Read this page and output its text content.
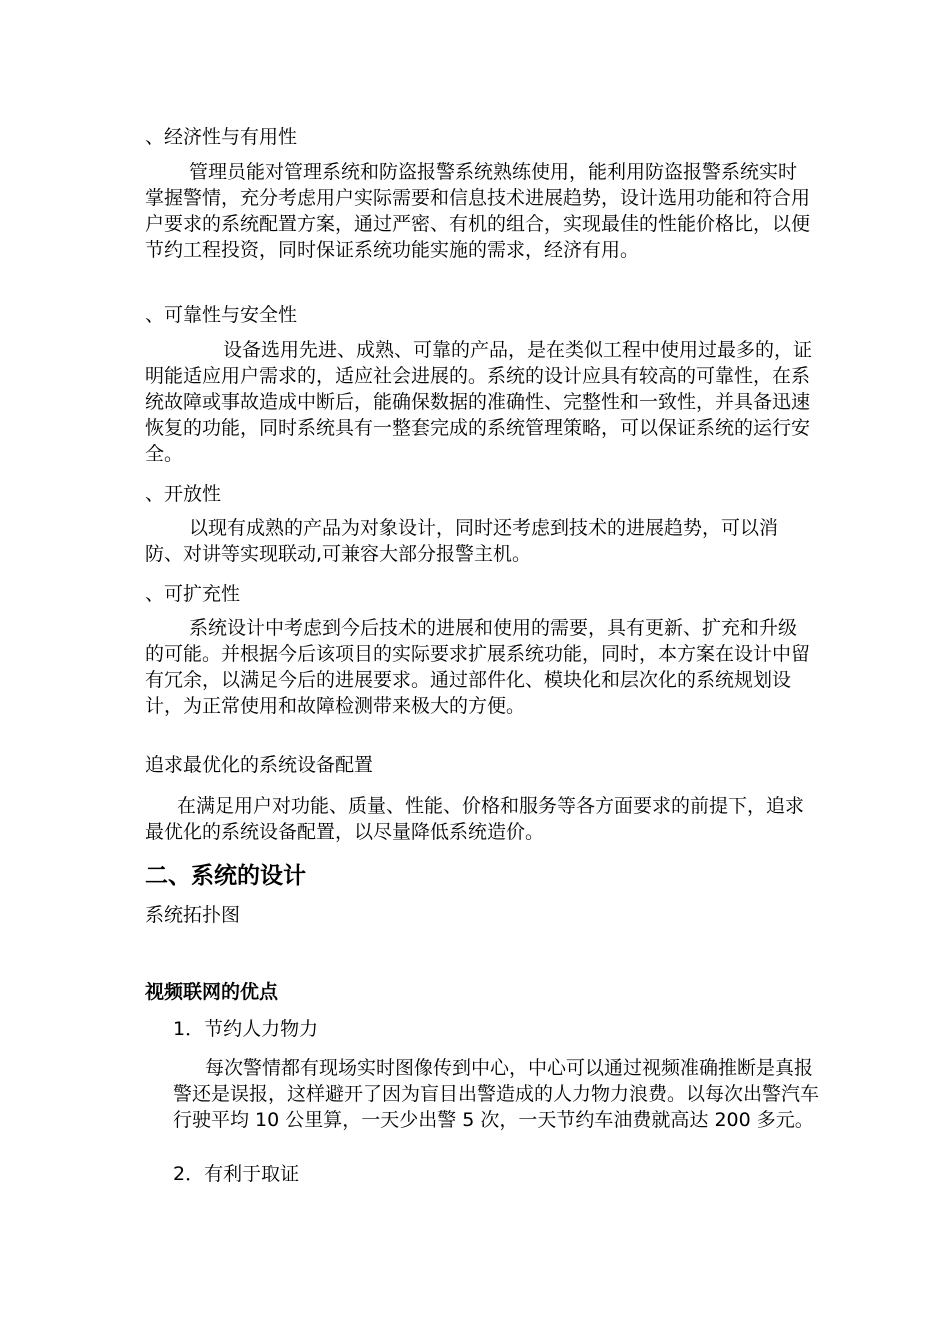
、经济性与有用性
管理员能对管理系统和防盗报警系统熟练使用，能利用防盗报警系统实时掌握警情，充分考虑用户实际需要和信息技术进展趋势，设计选用功能和符合用户要求的系统配置方案，通过严密、有机的组合，实现最佳的性能价格比，以便节约工程投资，同时保证系统功能实施的需求，经济有用。
、可靠性与安全性
设备选用先进、成熟、可靠的产品，是在类似工程中使用过最多的，证明能适应用户需求的，适应社会进展的。系统的设计应具有较高的可靠性，在系统故障或事故造成中断后，能确保数据的准确性、完整性和一致性，并具备迅速恢复的功能，同时系统具有一整套完成的系统管理策略，可以保证系统的运行安全。
、开放性
以现有成熟的产品为对象设计，同时还考虑到技术的进展趋势，可以消防、对讲等实现联动,可兼容大部分报警主机。
、可扩充性
系统设计中考虑到今后技术的进展和使用的需要，具有更新、扩充和升级的可能。并根据今后该项目的实际要求扩展系统功能，同时，本方案在设计中留有冗余，以满足今后的进展要求。通过部件化、模块化和层次化的系统规划设计，为正常使用和故障检测带来极大的方便。
追求最优化的系统设备配置
在满足用户对功能、质量、性能、价格和服务等各方面要求的前提下，追求最优化的系统设备配置，以尽量降低系统造价。
二、系统的设计
系统拓扑图
视频联网的优点
1．节约人力物力
每次警情都有现场实时图像传到中心，中心可以通过视频准确推断是真报警还是误报，这样避开了因为盲目出警造成的人力物力浪费。以每次出警汽车行驶平均 10 公里算，一天少出警 5 次，一天节约车油费就高达 200 多元。
2．有利于取证
